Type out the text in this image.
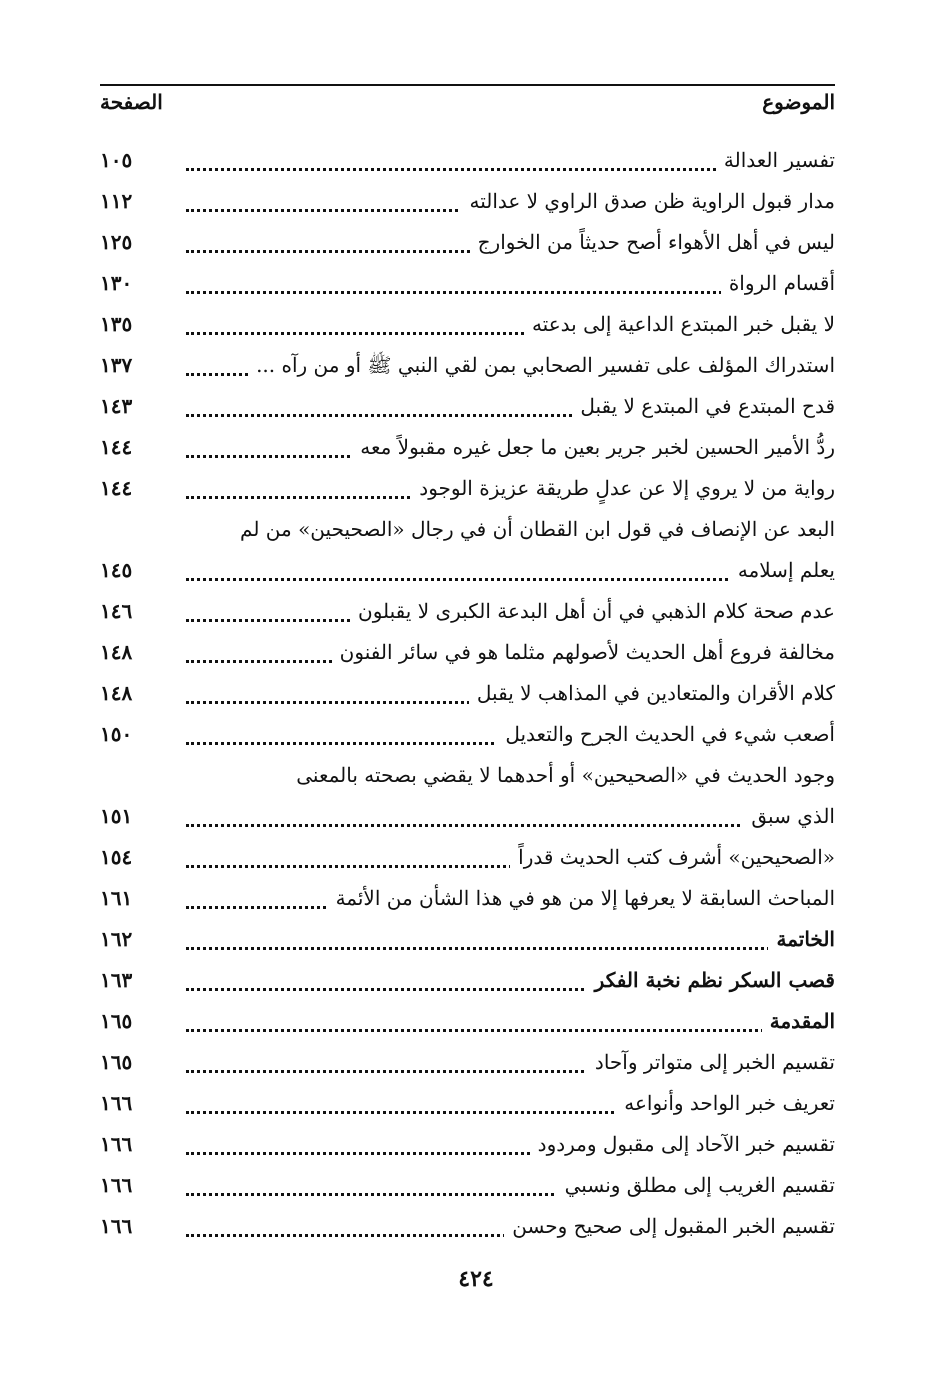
الموضوع
الصفحة
تفسير العدالة
١٠٥
مدار قبول الراوية ظن صدق الراوي لا عدالته
١١٢
ليس في أهل الأهواء أصح حديثاً من الخوارج
١٢٥
أقسام الرواة
١٣٠
لا يقبل خبر المبتدع الداعية إلى بدعته
١٣٥
استدراك المؤلف على تفسير الصحابي بمن لقي النبي ﷺ أو من رآه ...
١٣٧
قدح المبتدع في المبتدع لا يقبل
١٤٣
ردُّ الأمير الحسين لخبر جرير بعين ما جعل غيره مقبولاً معه
١٤٤
رواية من لا يروي إلا عن عدلٍ طريقة عزيزة الوجود
١٤٤
البعد عن الإنصاف في قول ابن القطان أن في رجال «الصحيحين» من لم
يعلم إسلامه
١٤٥
عدم صحة كلام الذهبي في أن أهل البدعة الكبرى لا يقبلون
١٤٦
مخالفة فروع أهل الحديث لأصولهم مثلما هو في سائر الفنون
١٤٨
كلام الأقران والمتعادين في المذاهب لا يقبل
١٤٨
أصعب شيء في الحديث الجرح والتعديل
١٥٠
وجود الحديث في «الصحيحين» أو أحدهما لا يقضي بصحته بالمعنى
الذي سبق
١٥١
«الصحيحين» أشرف كتب الحديث قدراً
١٥٤
المباحث السابقة لا يعرفها إلا من هو في هذا الشأن من الأئمة
١٦١
الخاتمة
١٦٢
قصب السكر نظم نخبة الفكر
١٦٣
المقدمة
١٦٥
تقسيم الخبر إلى متواتر وآحاد
١٦٥
تعريف خبر الواحد وأنواعه
١٦٦
تقسيم خبر الآحاد إلى مقبول ومردود
١٦٦
تقسيم الغريب إلى مطلق ونسبي
١٦٦
تقسيم الخبر المقبول إلى صحيح وحسن
١٦٦
٤٢٤
